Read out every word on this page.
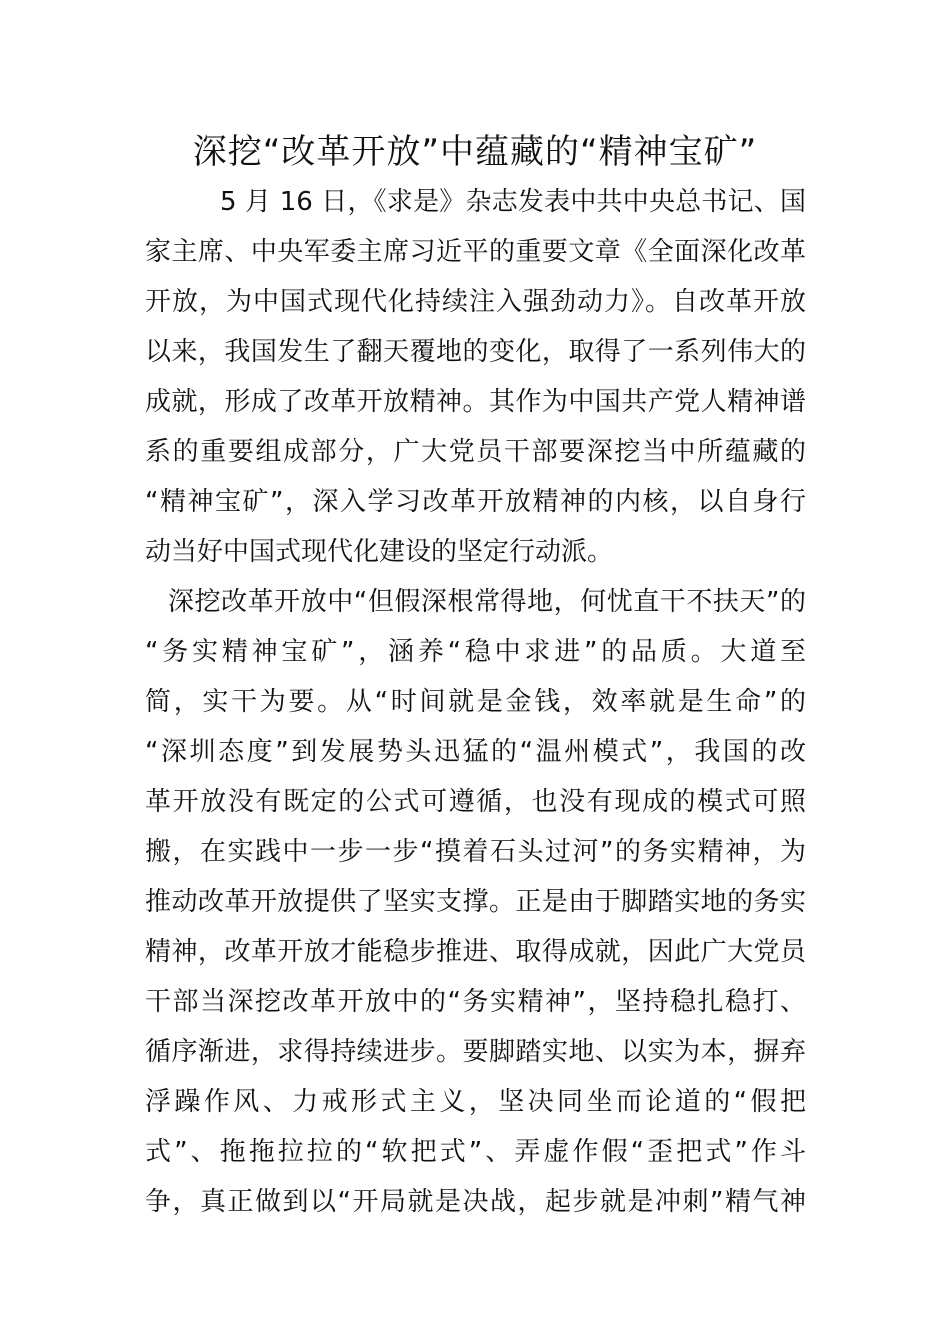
深挖“改革开放”中蕴藏的“精神宝矿”
5 月 16 日，《求是》杂志发表中共中央总书记、国
家主席、中央军委主席习近平的重要文章《全面深化改革
开放，为中国式现代化持续注入强劲动力》。自改革开放
以来，我国发生了翻天覆地的变化，取得了一系列伟大的
成就，形成了改革开放精神。其作为中国共产党人精神谱
系的重要组成部分，广大党员干部要深挖当中所蕴藏的
“精神宝矿”，深入学习改革开放精神的内核，以自身行
动当好中国式现代化建设的坚定行动派。
深挖改革开放中“但假深根常得地，何忧直干不扶天”的
“务实精神宝矿”，涵养“稳中求进”的品质。大道至
简，实干为要。从“时间就是金钱，效率就是生命”的
“深圳态度”到发展势头迅猛的“温州模式”，我国的改
革开放没有既定的公式可遵循，也没有现成的模式可照
搬，在实践中一步一步“摸着石头过河”的务实精神，为
推动改革开放提供了坚实支撑。正是由于脚踏实地的务实
精神，改革开放才能稳步推进、取得成就，因此广大党员
干部当深挖改革开放中的“务实精神”，坚持稳扎稳打、
循序渐进，求得持续进步。要脚踏实地、以实为本，摒弃
浮躁作风、力戒形式主义，坚决同坐而论道的“假把
式”、拖拖拉拉的“软把式”、弄虚作假“歪把式”作斗
争，真正做到以“开局就是决战，起步就是冲刺”精气神
